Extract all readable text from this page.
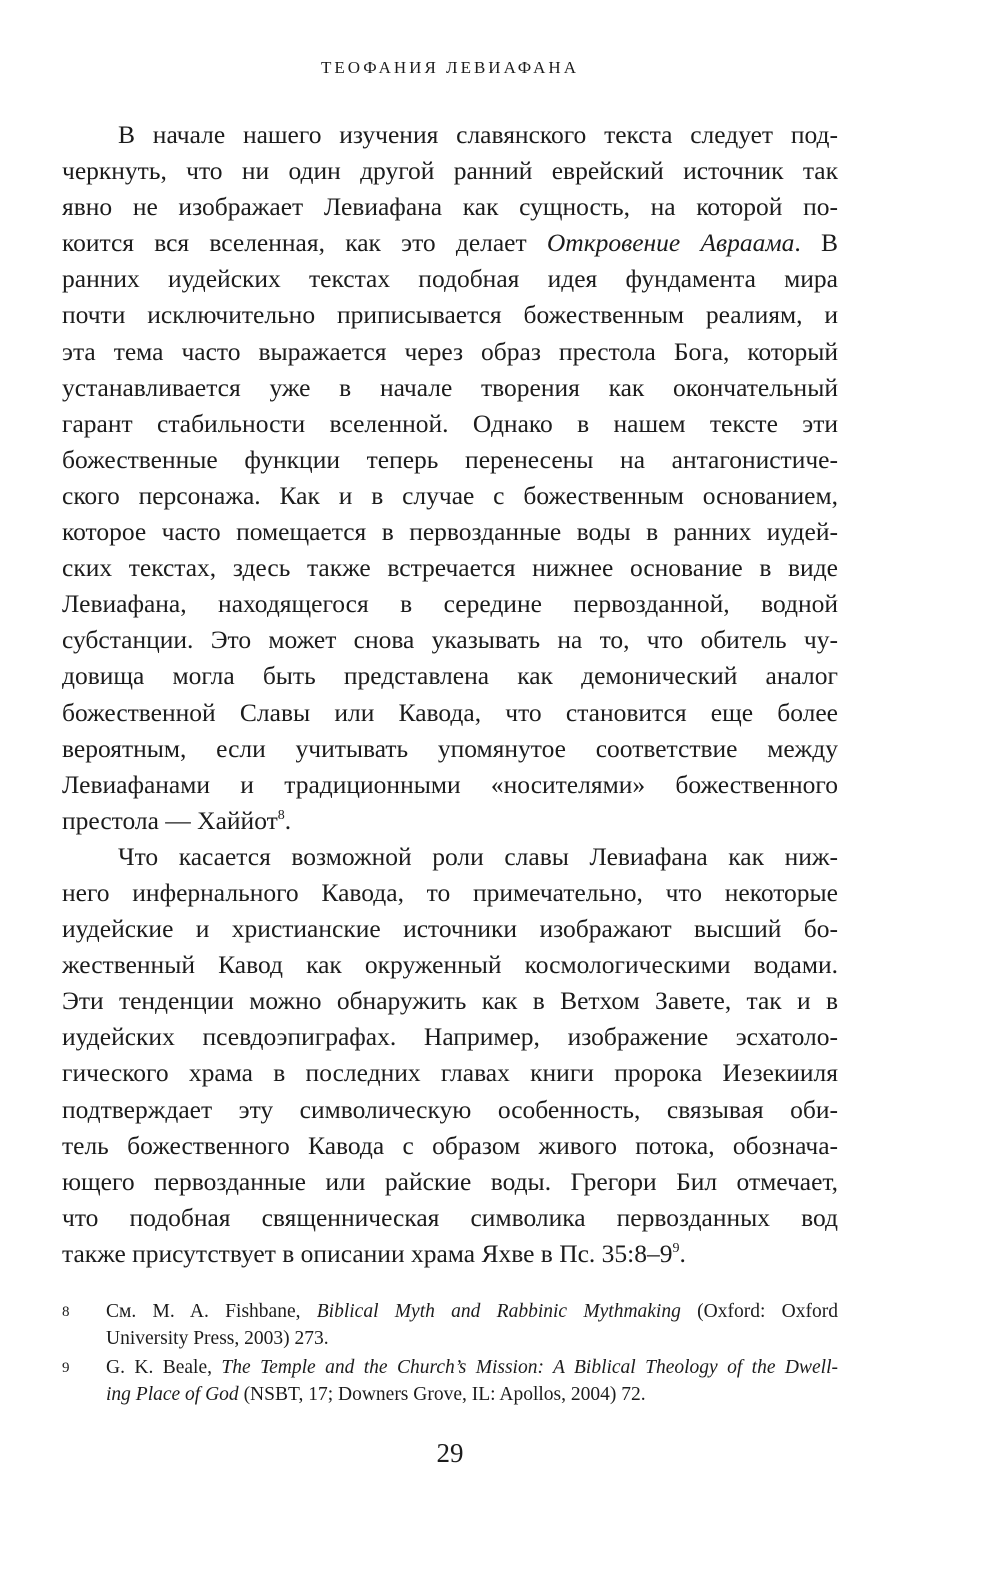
ТЕОФАНИЯ ЛЕВИАФАНА
В начале нашего изучения славянского текста следует под-
черкнуть, что ни один другой ранний еврейский источник так
явно не изображает Левиафана как сущность, на которой по-
коится вся вселенная, как это делает Откровение Авраама. В
ранних иудейских текстах подобная идея фундамента мира
почти исключительно приписывается божественным реалиям, и
эта тема часто выражается через образ престола Бога, который
устанавливается уже в начале творения как окончательный
гарант стабильности вселенной. Однако в нашем тексте эти
божественные функции теперь перенесены на антагонистиче-
ского персонажа. Как и в случае с божественным основанием,
которое часто помещается в первозданные воды в ранних иудей-
ских текстах, здесь также встречается нижнее основание в виде
Левиафана, находящегося в середине первозданной, водной
субстанции. Это может снова указывать на то, что обитель чу-
довища могла быть представлена как демонический аналог
божественной Славы или Кавода, что становится еще более
вероятным, если учитывать упомянутое соответствие между
Левиафанами и традиционными «носителями» божественного
престола — Хаййот$^8$.
Что касается возможной роли славы Левиафана как ниж-
него инфернального Кавода, то примечательно, что некоторые
иудейские и христианские источники изображают высший бо-
жественный Кавод как окруженный космологическими водами.
Эти тенденции можно обнаружить как в Ветхом Завете, так и в
иудейских псевдоэпиграфах. Например, изображение эсхатоло-
гического храма в последних главах книги пророка Иезекииля
подтверждает эту символическую особенность, связывая оби-
тель божественного Кавода с образом живого потока, обознача-
ющего первозданные или райские воды. Грегори Бил отмечает,
что подобная священническая символика первозданных вод
также присутствует в описании храма Яхве в Пс. $35:8-9^9$.
8 См. M. A. Fishbane, Biblical Myth and Rabbinic Mythmaking (Oxford: Oxford
University Press, 2003) 273.
9 G. K. Beale, The Temple and the Church’s Mission: A Biblical Theology of the Dwell-
ing Place of God (NSBT, 17; Downers Grove, IL: Apollos, 2004) 72.
29
